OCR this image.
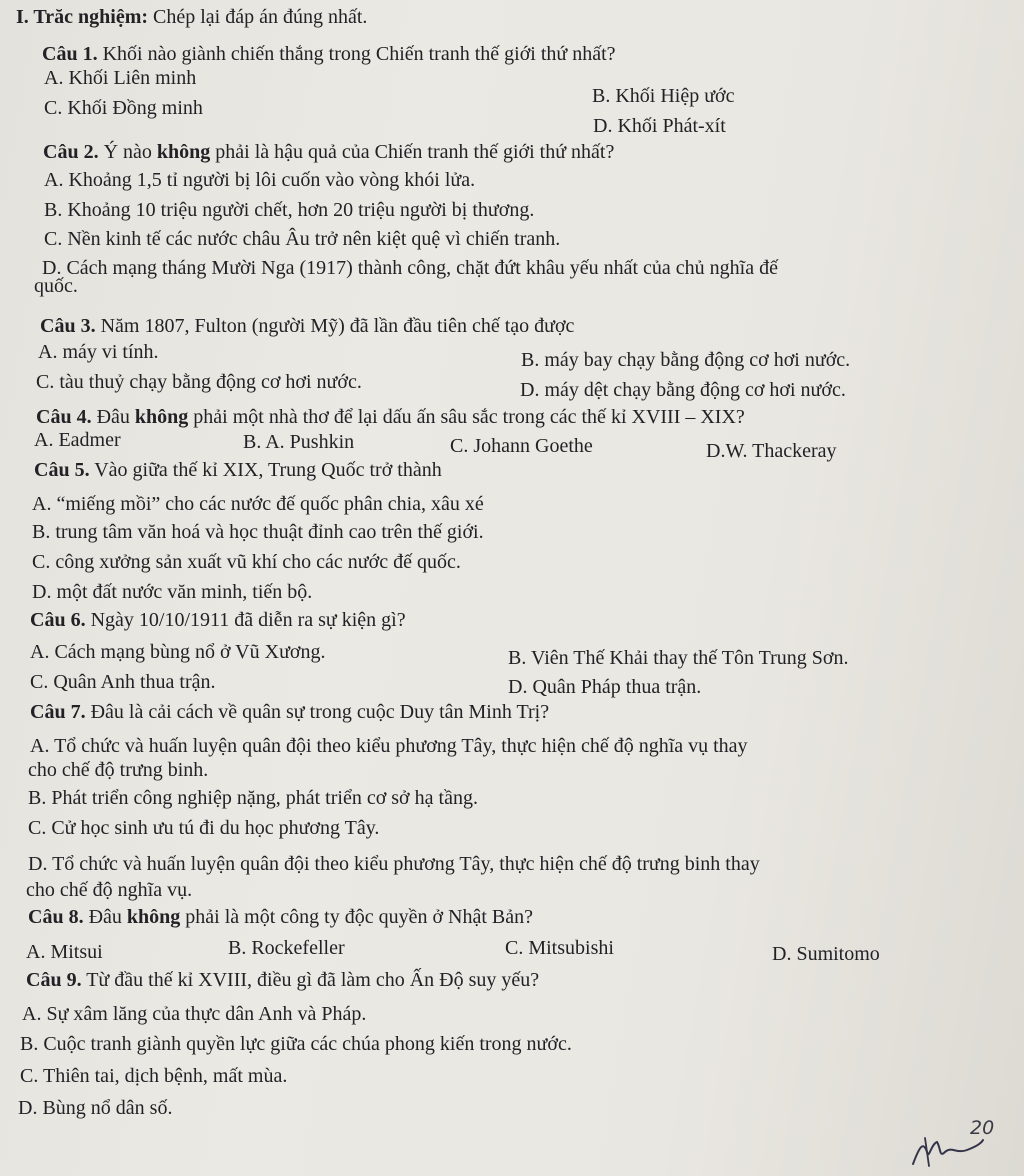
I. Trăc nghiệm: Chép lại đáp án đúng nhất.
Câu 1. Khối nào giành chiến thắng trong Chiến tranh thế giới thứ nhất?
A. Khối Liên minh
B. Khối Hiệp ước
C. Khối Đồng minh
D. Khối Phát-xít
Câu 2. Ý nào không phải là hậu quả của Chiến tranh thế giới thứ nhất?
A. Khoảng 1,5 tỉ người bị lôi cuốn vào vòng khói lửa.
B. Khoảng 10 triệu người chết, hơn 20 triệu người bị thương.
C. Nền kinh tế các nước châu Âu trở nên kiệt quệ vì chiến tranh.
D. Cách mạng tháng Mười Nga (1917) thành công, chặt đứt khâu yếu nhất của chủ nghĩa đế
quốc.
Câu 3. Năm 1807, Fulton (người Mỹ) đã lần đầu tiên chế tạo được
A. máy vi tính.	B. máy bay chạy bằng động cơ hơi nước.
C. tàu thuỷ chạy bằng động cơ hơi nước.	D. máy dệt chạy bằng động cơ hơi nước.
Câu 4. Đâu không phải một nhà thơ để lại dấu ấn sâu sắc trong các thế kỉ XVIII – XIX?
A. Eadmer	B. A. Pushkin	C. Johann Goethe	D.W. Thackeray
Câu 5. Vào giữa thế kỉ XIX, Trung Quốc trở thành
A. “miếng mồi” cho các nước đế quốc phân chia, xâu xé
B. trung tâm văn hoá và học thuật đỉnh cao trên thế giới.
C. công xưởng sản xuất vũ khí cho các nước đế quốc.
D. một đất nước văn minh, tiến bộ.
Câu 6. Ngày 10/10/1911 đã diễn ra sự kiện gì?
A. Cách mạng bùng nổ ở Vũ Xương.	B. Viên Thế Khải thay thế Tôn Trung Sơn.
C. Quân Anh thua trận.	D. Quân Pháp thua trận.
Câu 7. Đâu là cải cách về quân sự trong cuộc Duy tân Minh Trị?
A. Tổ chức và huấn luyện quân đội theo kiểu phương Tây, thực hiện chế độ nghĩa vụ thay
cho chế độ trưng binh.
B. Phát triển công nghiệp nặng, phát triển cơ sở hạ tầng.
C. Cử học sinh ưu tú đi du học phương Tây.
D. Tổ chức và huấn luyện quân đội theo kiểu phương Tây, thực hiện chế độ trưng binh thay
cho chế độ nghĩa vụ.
Câu 8. Đâu không phải là một công ty độc quyền ở Nhật Bản?
A. Mitsui	B. Rockefeller	C. Mitsubishi	D. Sumitomo
Câu 9. Từ đầu thế kỉ XVIII, điều gì đã làm cho Ấn Độ suy yếu?
A. Sự xâm lăng của thực dân Anh và Pháp.
B. Cuộc tranh giành quyền lực giữa các chúa phong kiến trong nước.
C. Thiên tai, dịch bệnh, mất mùa.
D. Bùng nổ dân số.
20
